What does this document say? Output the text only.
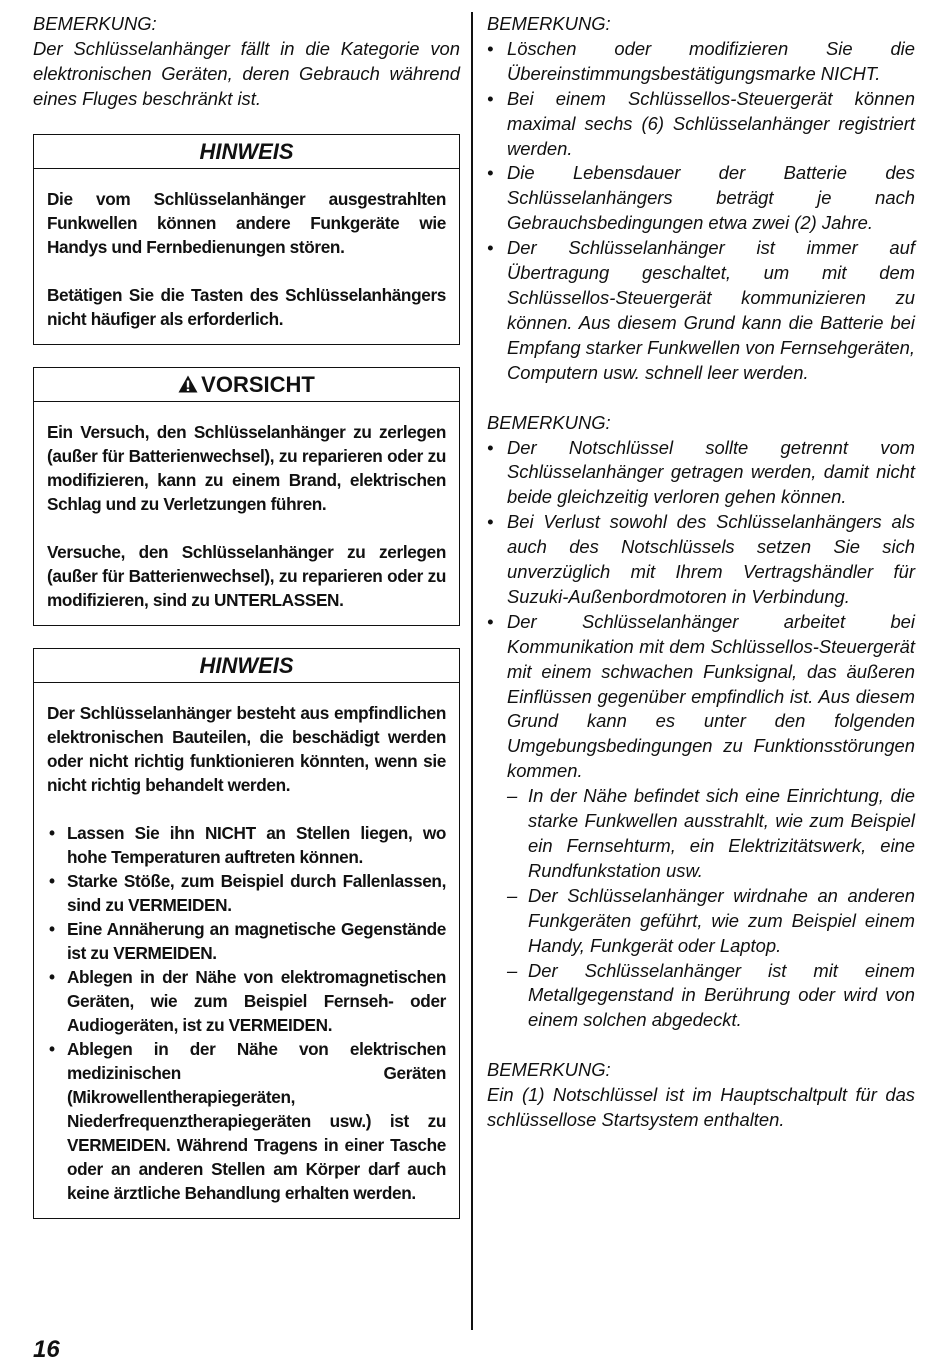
BEMERKUNG:
Der Schlüsselanhänger fällt in die Kategorie von elektronischen Geräten, deren Gebrauch während eines Fluges beschränkt ist.
HINWEIS

Die vom Schlüsselanhänger ausgestrahlten Funkwellen können andere Funkgeräte wie Handys und Fernbedienungen stören.

Betätigen Sie die Tasten des Schlüsselanhängers nicht häufiger als erforderlich.

VORSICHT

Ein Versuch, den Schlüsselanhänger zu zerlegen (außer für Batterienwechsel), zu reparieren oder zu modifizieren, kann zu einem Brand, elektrischen Schlag und zu Verletzungen führen.

Versuche, den Schlüsselanhänger zu zerlegen (außer für Batterienwechsel), zu reparieren oder zu modifizieren, sind zu UNTERLASSEN.

HINWEIS

Der Schlüsselanhänger besteht aus empfindlichen elektronischen Bauteilen, die beschädigt werden oder nicht richtig funktionieren könnten, wenn sie nicht richtig behandelt werden.

• Lassen Sie ihn NICHT an Stellen liegen, wo hohe Temperaturen auftreten können.
• Starke Stöße, zum Beispiel durch Fallenlassen, sind zu VERMEIDEN.
• Eine Annäherung an magnetische Gegenstände ist zu VERMEIDEN.
• Ablegen in der Nähe von elektromagnetischen Geräten, wie zum Beispiel Fernseh- oder Audiogeräten, ist zu VERMEIDEN.
• Ablegen in der Nähe von elektrischen medizinischen Geräten (Mikrowellentherapiegeräten, Niederfrequenztherapiegeräten usw.) ist zu VERMEIDEN. Während Tragens in einer Tasche oder an anderen Stellen am Körper darf auch keine ärztliche Behandlung erhalten werden.
BEMERKUNG:
• Löschen oder modifizieren Sie die Übereinstimmungsbestätigungsmarke NICHT.
• Bei einem Schlüssellos-Steuergerät können maximal sechs (6) Schlüsselanhänger registriert werden.
• Die Lebensdauer der Batterie des Schlüsselanhängers beträgt je nach Gebrauchsbedingungen etwa zwei (2) Jahre.
• Der Schlüsselanhänger ist immer auf Übertragung geschaltet, um mit dem Schlüssellos-Steuergerät kommunizieren zu können. Aus diesem Grund kann die Batterie bei Empfang starker Funkwellen von Fernsehgeräten, Computern usw. schnell leer werden.
BEMERKUNG:
• Der Notschlüssel sollte getrennt vom Schlüsselanhänger getragen werden, damit nicht beide gleichzeitig verloren gehen können.
• Bei Verlust sowohl des Schlüsselanhängers als auch des Notschlüssels setzen Sie sich unverzüglich mit Ihrem Vertragshändler für Suzuki-Außenbordmotoren in Verbindung.
• Der Schlüsselanhänger arbeitet bei Kommunikation mit dem Schlüssellos-Steuergerät mit einem schwachen Funksignal, das äußeren Einflüssen gegenüber empfindlich ist. Aus diesem Grund kann es unter den folgenden Umgebungsbedingungen zu Funktionsstörungen kommen.
– In der Nähe befindet sich eine Einrichtung, die starke Funkwellen ausstrahlt, wie zum Beispiel ein Fernsehturm, ein Elektrizitätswerk, eine Rundfunkstation usw.
– Der Schlüsselanhänger wirdnahe an anderen Funkgeräten geführt, wie zum Beispiel einem Handy, Funkgerät oder Laptop.
– Der Schlüsselanhänger ist mit einem Metallgegenstand in Berührung oder wird von einem solchen abgedeckt.
BEMERKUNG:
Ein (1) Notschlüssel ist im Hauptschaltpult für das schlüssellose Startsystem enthalten.
16
